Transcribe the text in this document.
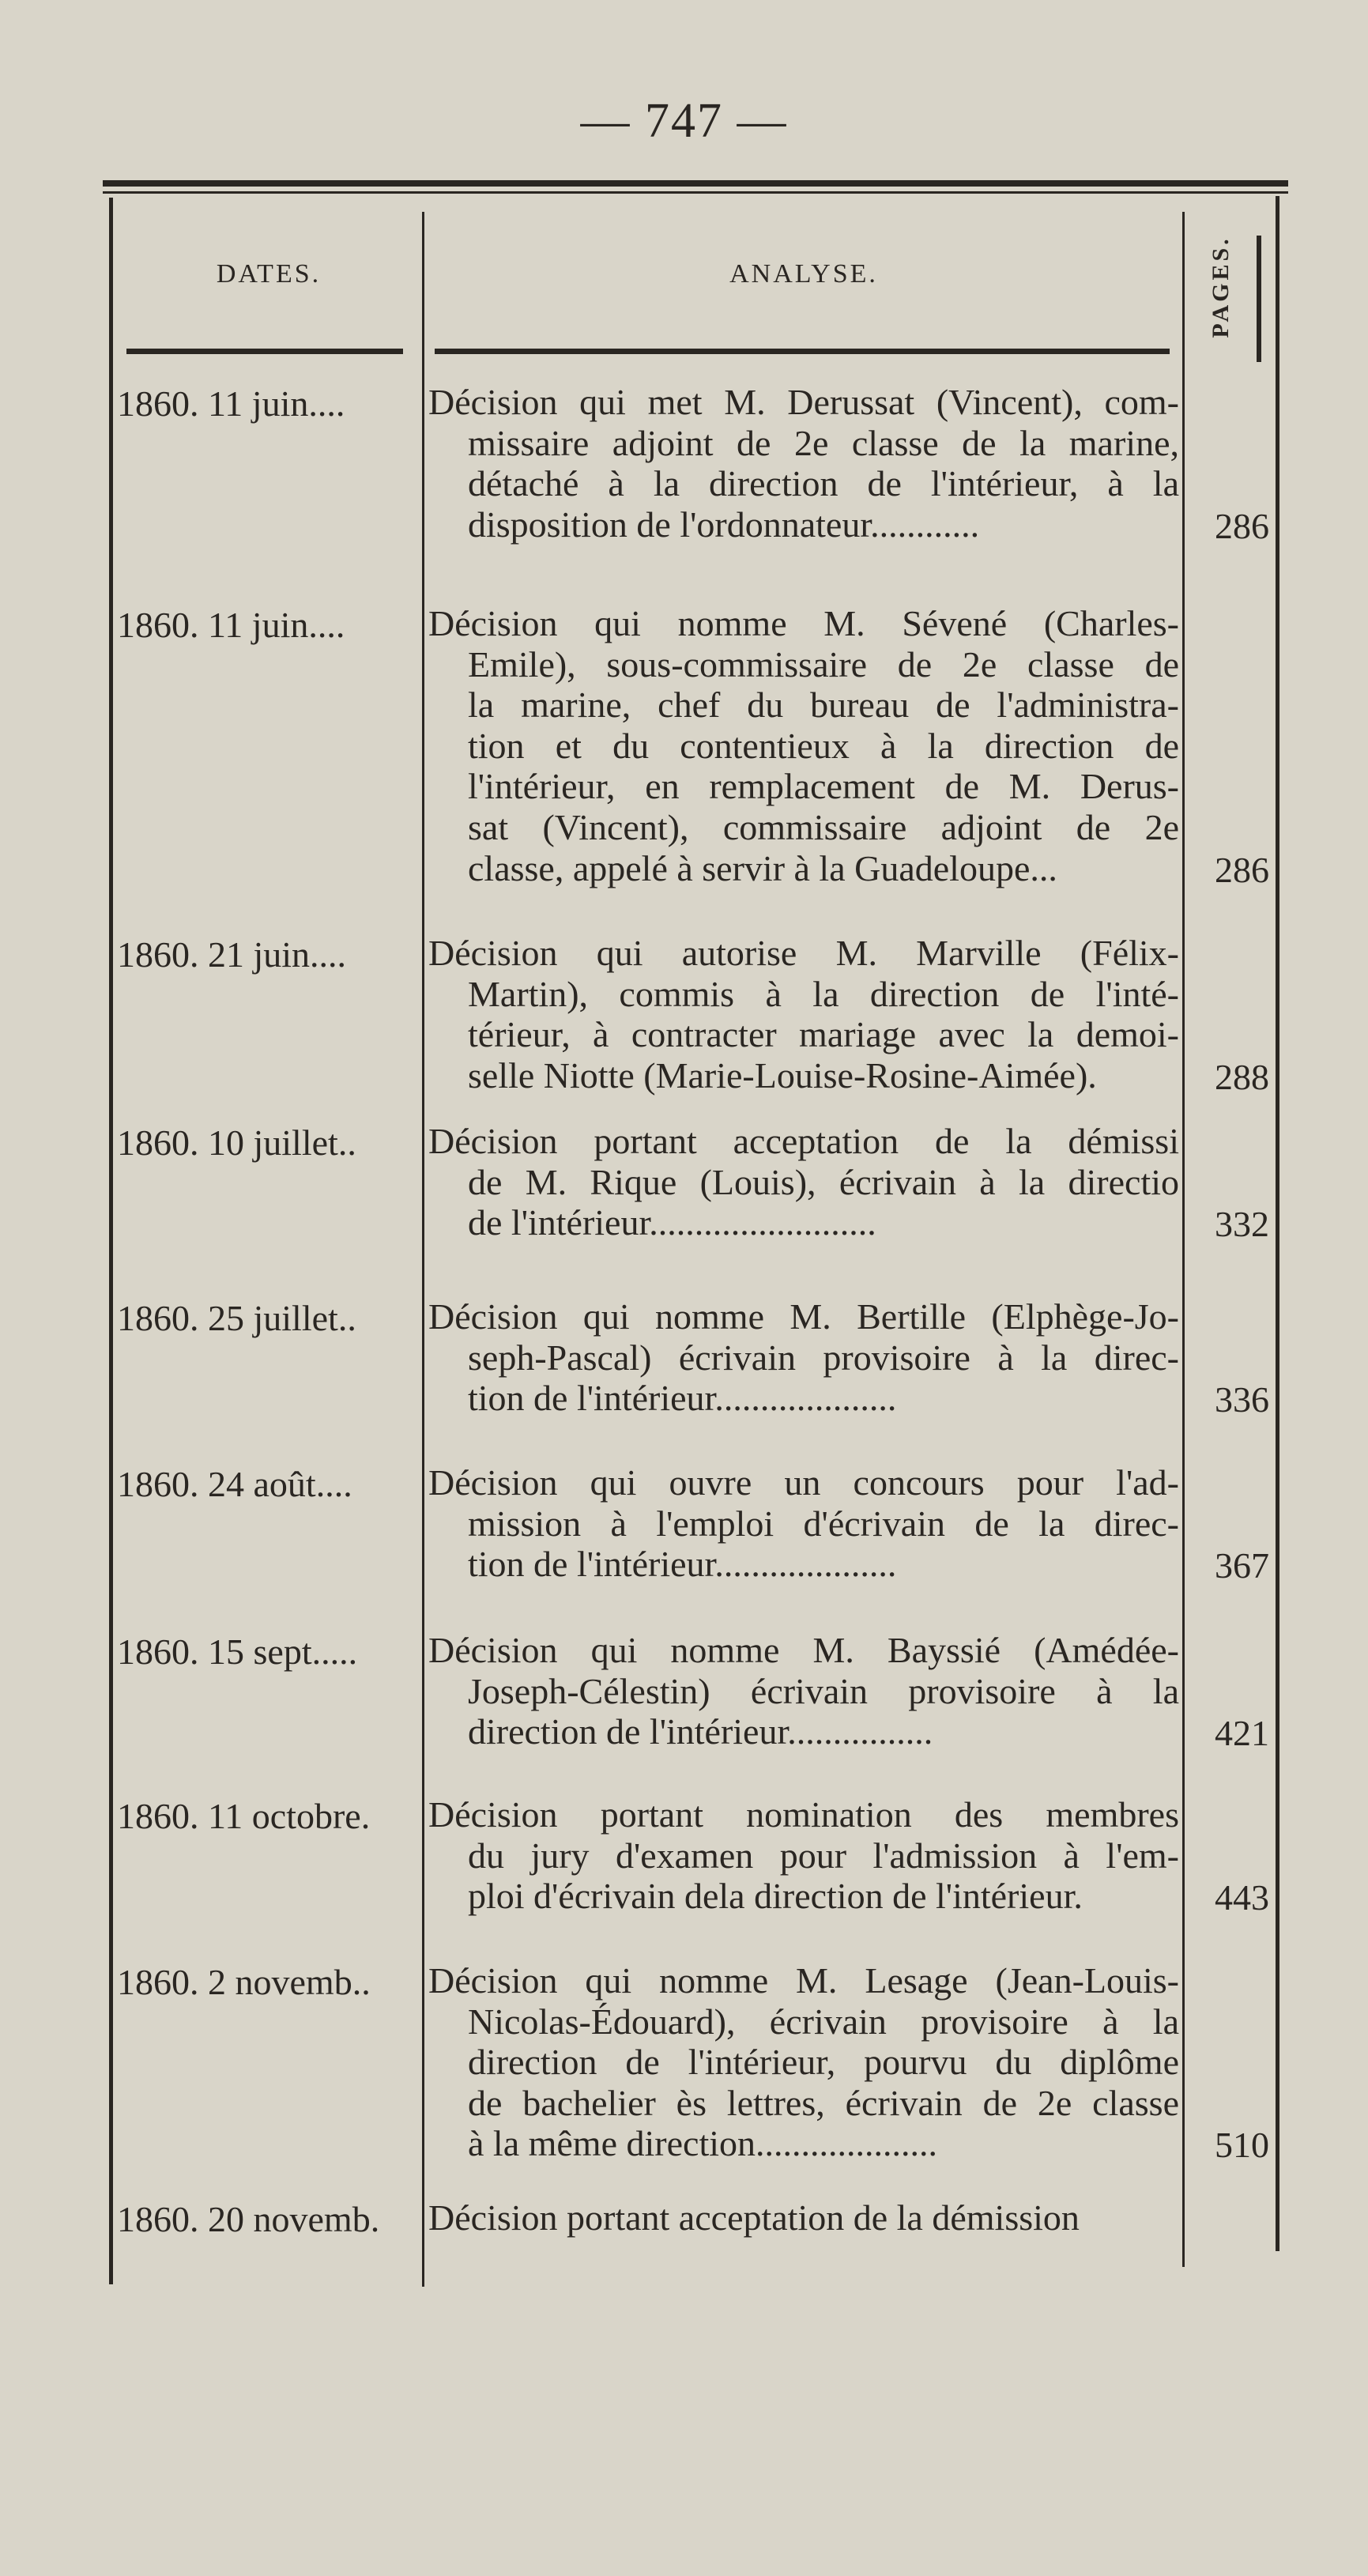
— 747 —
DATES.	ANALYSE.	PAGES.
1860. 11 juin....	Décision qui met M. Derussat (Vincent), com-
missaire adjoint de 2e classe de la marine,
détaché à la direction de l'intérieur, à la
disposition de l'ordonnateur............	286
1860. 11 juin....	Décision qui nomme M. Sévené (Charles-
Emile), sous-commissaire de 2e classe de
la marine, chef du bureau de l'administra-
tion et du contentieux à la direction de
l'intérieur, en remplacement de M. Derus-
sat (Vincent), commissaire adjoint de 2e
classe, appelé à servir à la Guadeloupe...	286
1860. 21 juin....	Décision qui autorise M. Marville (Félix-
Martin), commis à la direction de l'inté-
térieur, à contracter mariage avec la demoi-
selle Niotte (Marie-Louise-Rosine-Aimée).	288
1860. 10 juillet..	Décision portant acceptation de la démissi
de M. Rique (Louis), écrivain à la directio
de l'intérieur.........................	332
1860. 25 juillet..	Décision qui nomme M. Bertille (Elphège-Jo-
seph-Pascal) écrivain provisoire à la direc-
tion de l'intérieur....................	336
1860. 24 août....	Décision qui ouvre un concours pour l'ad-
mission à l'emploi d'écrivain de la direc-
tion de l'intérieur....................	367
1860. 15 sept.....	Décision qui nomme M. Bayssié (Amédée-
Joseph-Célestin) écrivain provisoire à la
direction de l'intérieur................	421
1860. 11 octobre.	Décision portant nomination des membres
du jury d'examen pour l'admission à l'em-
ploi d'écrivain dela direction de l'intérieur.	443
1860. 2 novemb..	Décision qui nomme M. Lesage (Jean-Louis-
Nicolas-Édouard), écrivain provisoire à la
direction de l'intérieur, pourvu du diplôme
de bachelier ès lettres, écrivain de 2e classe
à la même direction....................	510
1860. 20 novemb.	Décision portant acceptation de la démission
